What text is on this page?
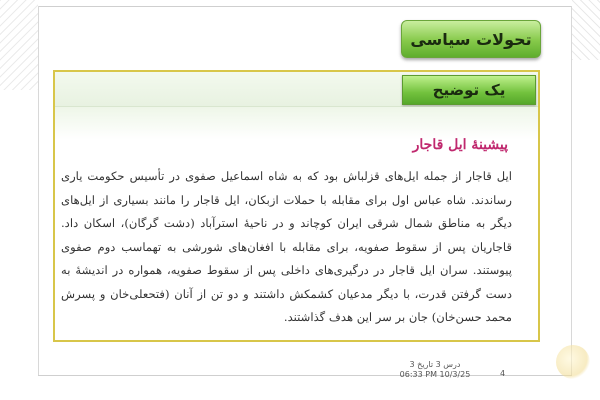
تحولات سیاسی
یک توضیح
پیشینهٔ ایل قاجار
ایل قاجار از جمله ایل‌های قزلباش بود که به شاه اسماعیل صفوی در تأسیس حکومت یاری رساندند. شاه عباس اول برای مقابله با حملات ازبکان، ایل قاجار را مانند بسیاری از ایل‌های دیگر به مناطق شمال شرقی ایران کوچاند و در ناحیهٔ استرآباد (دشت گرگان)، اسکان داد. قاجاریان پس از سقوط صفویه، برای مقابله با افغان‌های شورشی به تهماسب دوم صفوی پیوستند. سران ایل قاجار در درگیری‌های داخلی پس از سقوط صفویه، همواره در اندیشهٔ به دست گرفتن قدرت، با دیگر مدعیان کشمکش داشتند و دو تن از آنان (فتحعلی‌خان و پسرش محمد حسن‌خان) جان بر سر این هدف گذاشتند.
درس 3 تاریخ 3
06:33 PM 10/3/25	4
